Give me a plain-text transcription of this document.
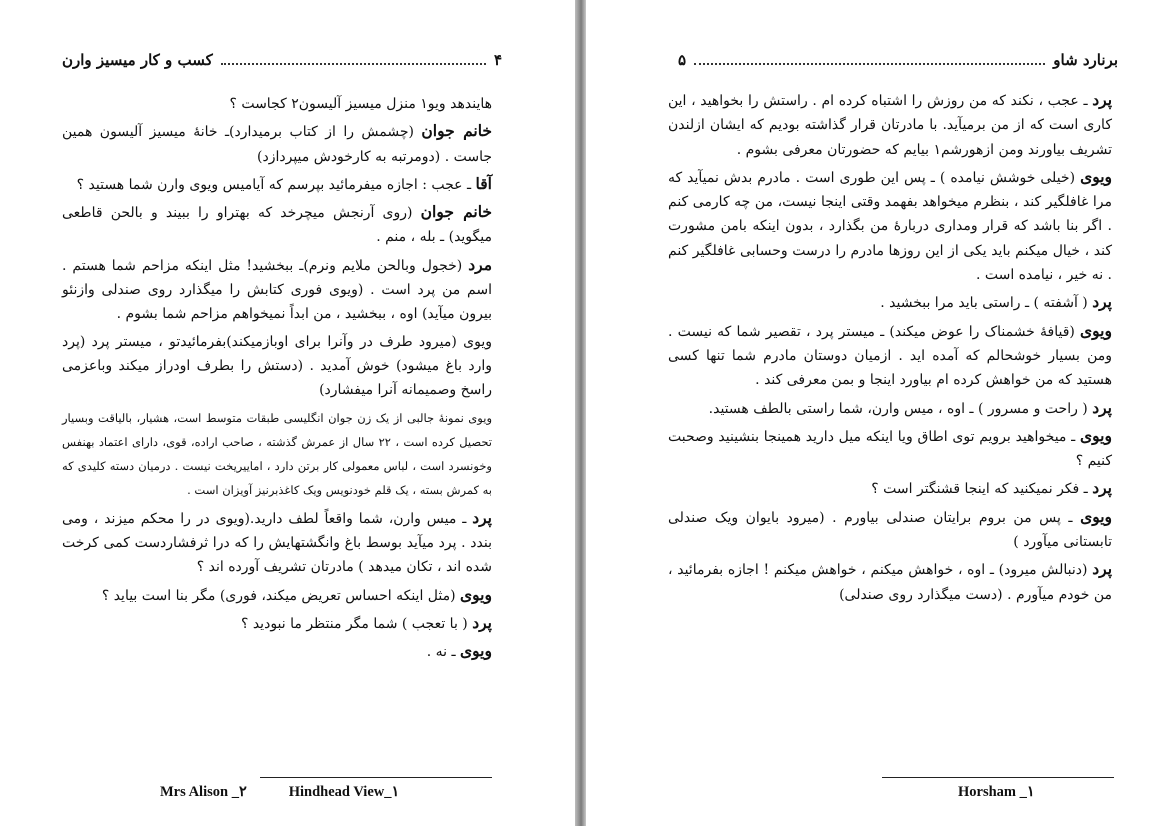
کسب و کار میسیز وارن	۴

هایندهد ویو۱ منزل میسیز آلیسون۲ کجاست ؟

خانم جوان (چشمش را از کتاب برمیدارد)ـ خانهٔ میسیز آلیسون همین جاست . (دومرتبه به کارخودش میپردازد)

آقا ـ عجب : اجازه میفرمائید بپرسم که آیامیس ویوی وارن شما هستید ؟

خانم جوان (روی آرنجش میچرخد که بهتراو را ببیند و بالحن قاطعی میگوید) ـ بله ، منم .

مرد (خجول وبالحن ملایم ونرم)ـ ببخشید! مثل اینکه مزاحم شما هستم . اسم من پرد است . (ویوی فوری کتابش را میگذارد روی صندلی وازنئو بیرون میآید) اوه ، ببخشید ، من ابداً نمیخواهم مزاحم شما بشوم .

ویوی (میرود طرف در وآنرا برای اوبازمیکند)بفرمائیدتو ، میستر پرد (پرد وارد باغ میشود) خوش آمدید . (دستش را بطرف اودراز میکند وباعزمی راسخ وصمیمانه آنرا میفشارد)

ویوی نمونهٔ جالبی از یک زن جوان انگلیسی طبقات متوسط است، هشیار، بالیاقت وبسیار تحصیل کرده است ، ۲۲ سال از عمرش گذشته ، صاحب اراده، قوی، دارای اعتماد بهنفس وخونسرد است ، لباس معمولی کار برتن دارد ، اماییریخت نیست . درمیان دسته کلیدی که به کمرش بسته ، یک قلم خودنویس ویک کاغذبرنیز آویزان است .

پرد ـ میس وارن، شما واقعاً لطف دارید.(ویوی در را محکم میزند ، ومی بندد . پرد میآید بوسط باغ وانگشتهایش را که درا ثرفشاردست کمی کرخت شده اند ، تکان میدهد ) مادرتان تشریف آورده اند ؟

ویوی (مثل اینکه احساس تعریض میکند، فوری) مگر بنا است بیاید ؟

پرد ( با تعجب ) شما مگر منتظر ما نبودید ؟

ویوی ـ نه .

Mrs Alison _۲	Hindhead View_۱
۵	برنارد شاو

پرد ـ عجب ، نکند که من روزش را اشتباه کرده ام . راستش را بخواهید ، این کاری است که از من برمیآید. با مادرتان قرار گذاشته بودیم که ایشان ازلندن تشریف بیاورند ومن ازهورشم۱ بیایم که حضورتان معرفی بشوم .

ویوی (خیلی خوشش نیامده ) ـ پس این طوری است . مادرم بدش نمیآید که مرا غافلگیر کند ، بنظرم میخواهد بفهمد وقتی اینجا نیست، من چه کارمی کنم . اگر بنا باشد که قرار ومداری دربارهٔ من بگذارد ، بدون اینکه بامن مشورت کند ، خیال میکنم باید یکی از این روزها مادرم را درست وحسابی غافلگیر کنم . نه خیر ، نیامده است .

پرد ( آشفته ) ـ راستی باید مرا ببخشید .

ویوی (قیافهٔ خشمناک را عوض میکند) ـ میستر پرد ، تقصیر شما که نیست . ومن بسیار خوشحالم که آمده اید . ازمیان دوستان مادرم شما تنها کسی هستید که من خواهش کرده ام بیاورد اینجا و بمن معرفی کند .

پرد ( راحت و مسرور ) ـ اوه ، میس وارن، شما راستی بالطف هستید.

ویوی ـ میخواهید برویم توی اطاق ویا اینکه میل دارید همینجا بنشینید وصحبت کنیم ؟

پرد ـ فکر نمیکنید که اینجا قشنگتر است ؟

ویوی ـ پس من بروم برایتان صندلی بیاورم . (میرود بایوان ویک صندلی تابستانی میآورد )

پرد (دنبالش میرود) ـ اوه ، خواهش میکنم ، خواهش میکنم ! اجازه بفرمائید ، من خودم میآورم . (دست میگذارد روی صندلی)

Horsham _۱
